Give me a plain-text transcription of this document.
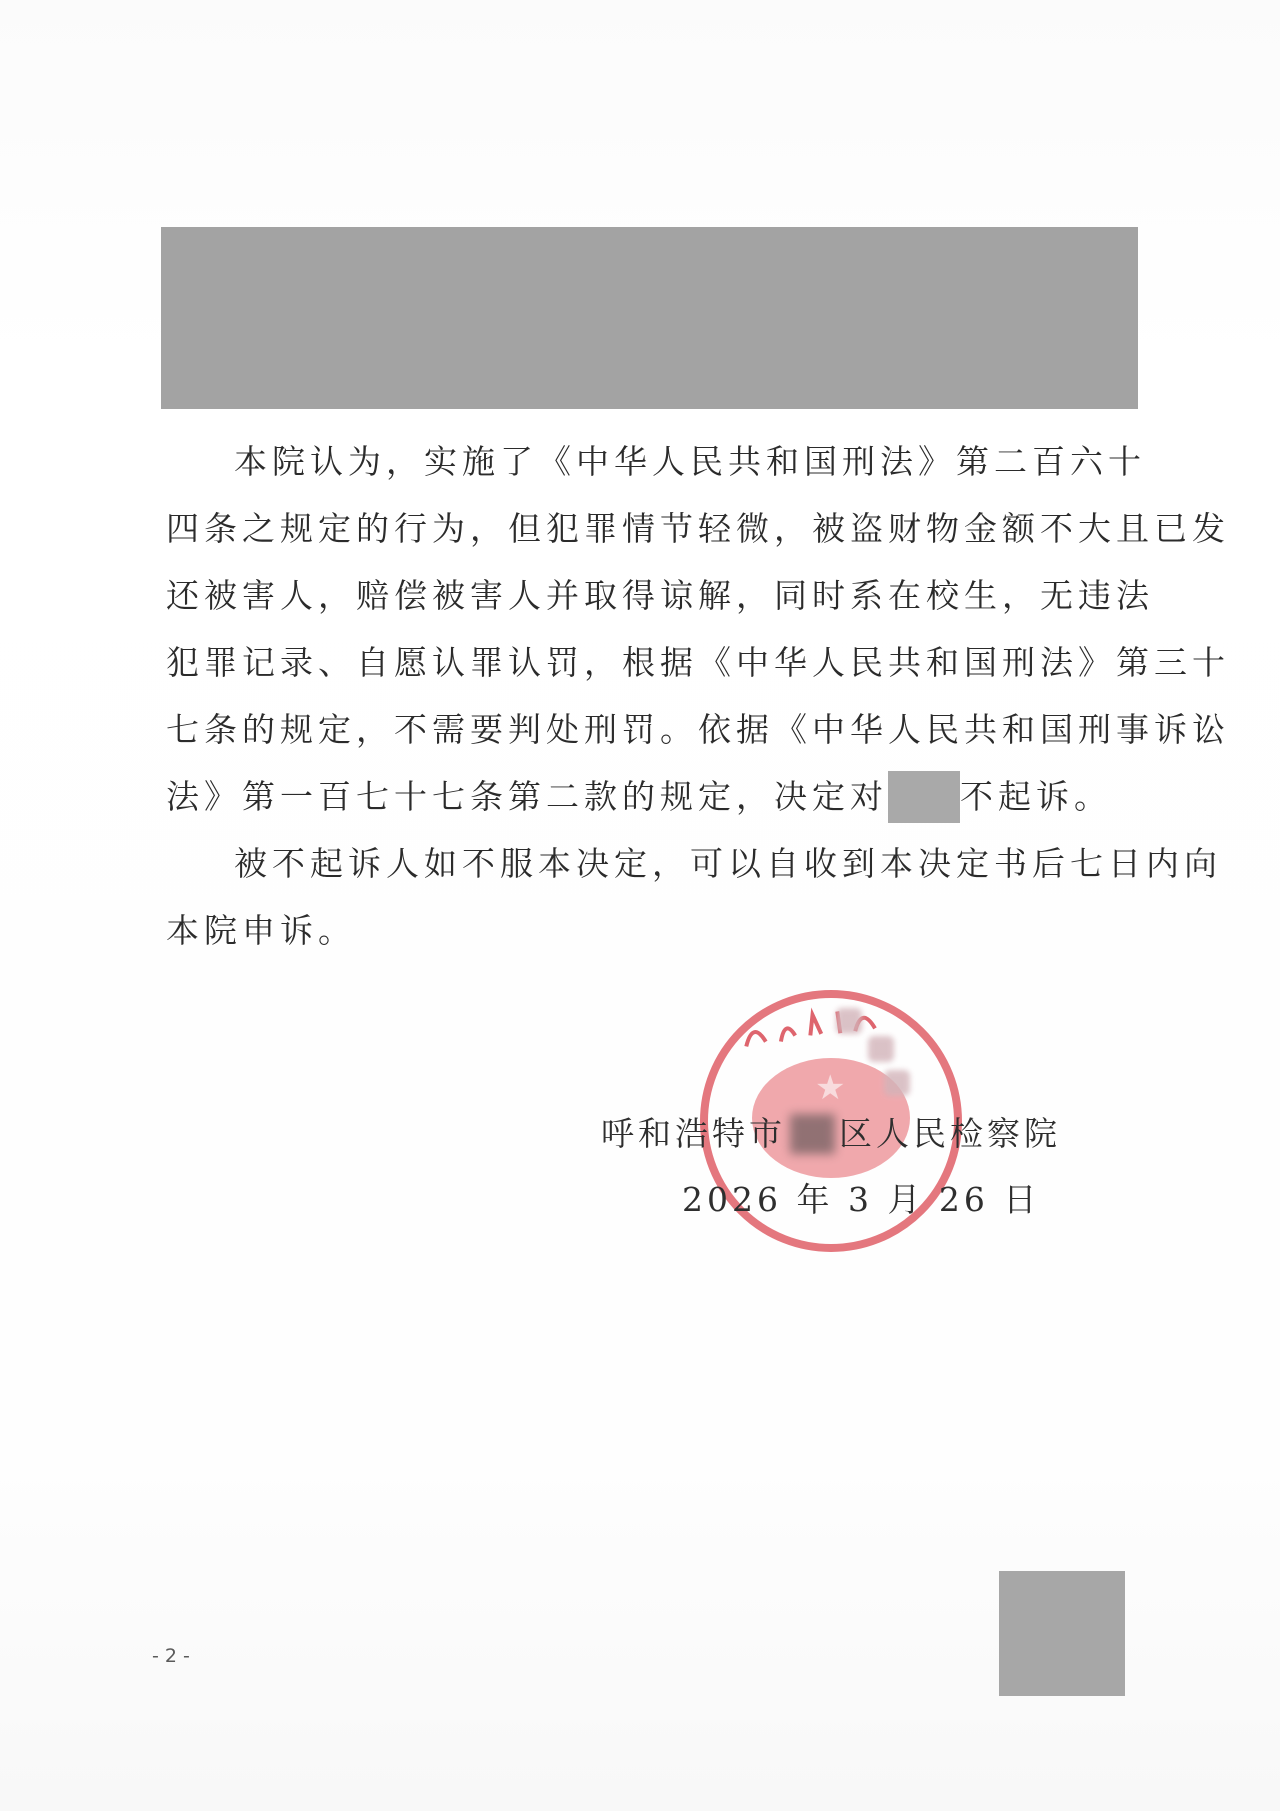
本院认为， 实施了《中华人民共和国刑法》第二百六十
四条之规定的行为，但犯罪情节轻微，被盗财物金额不大且已发
还被害人，赔偿被害人并取得谅解，同时 系在校生，无违法
犯罪记录、自愿认罪认罚，根据《中华人民共和国刑法》第三十
七条的规定，不需要判处刑罚。依据《中华人民共和国刑事诉讼
法》第一百七十七条第二款的规定，决定对 不起诉。
被不起诉人如不服本决定，可以自收到本决定书后七日内向
本院申诉。
★
呼和浩特市 区人民检察院
2026 年 3 月 26 日
- 2 -
